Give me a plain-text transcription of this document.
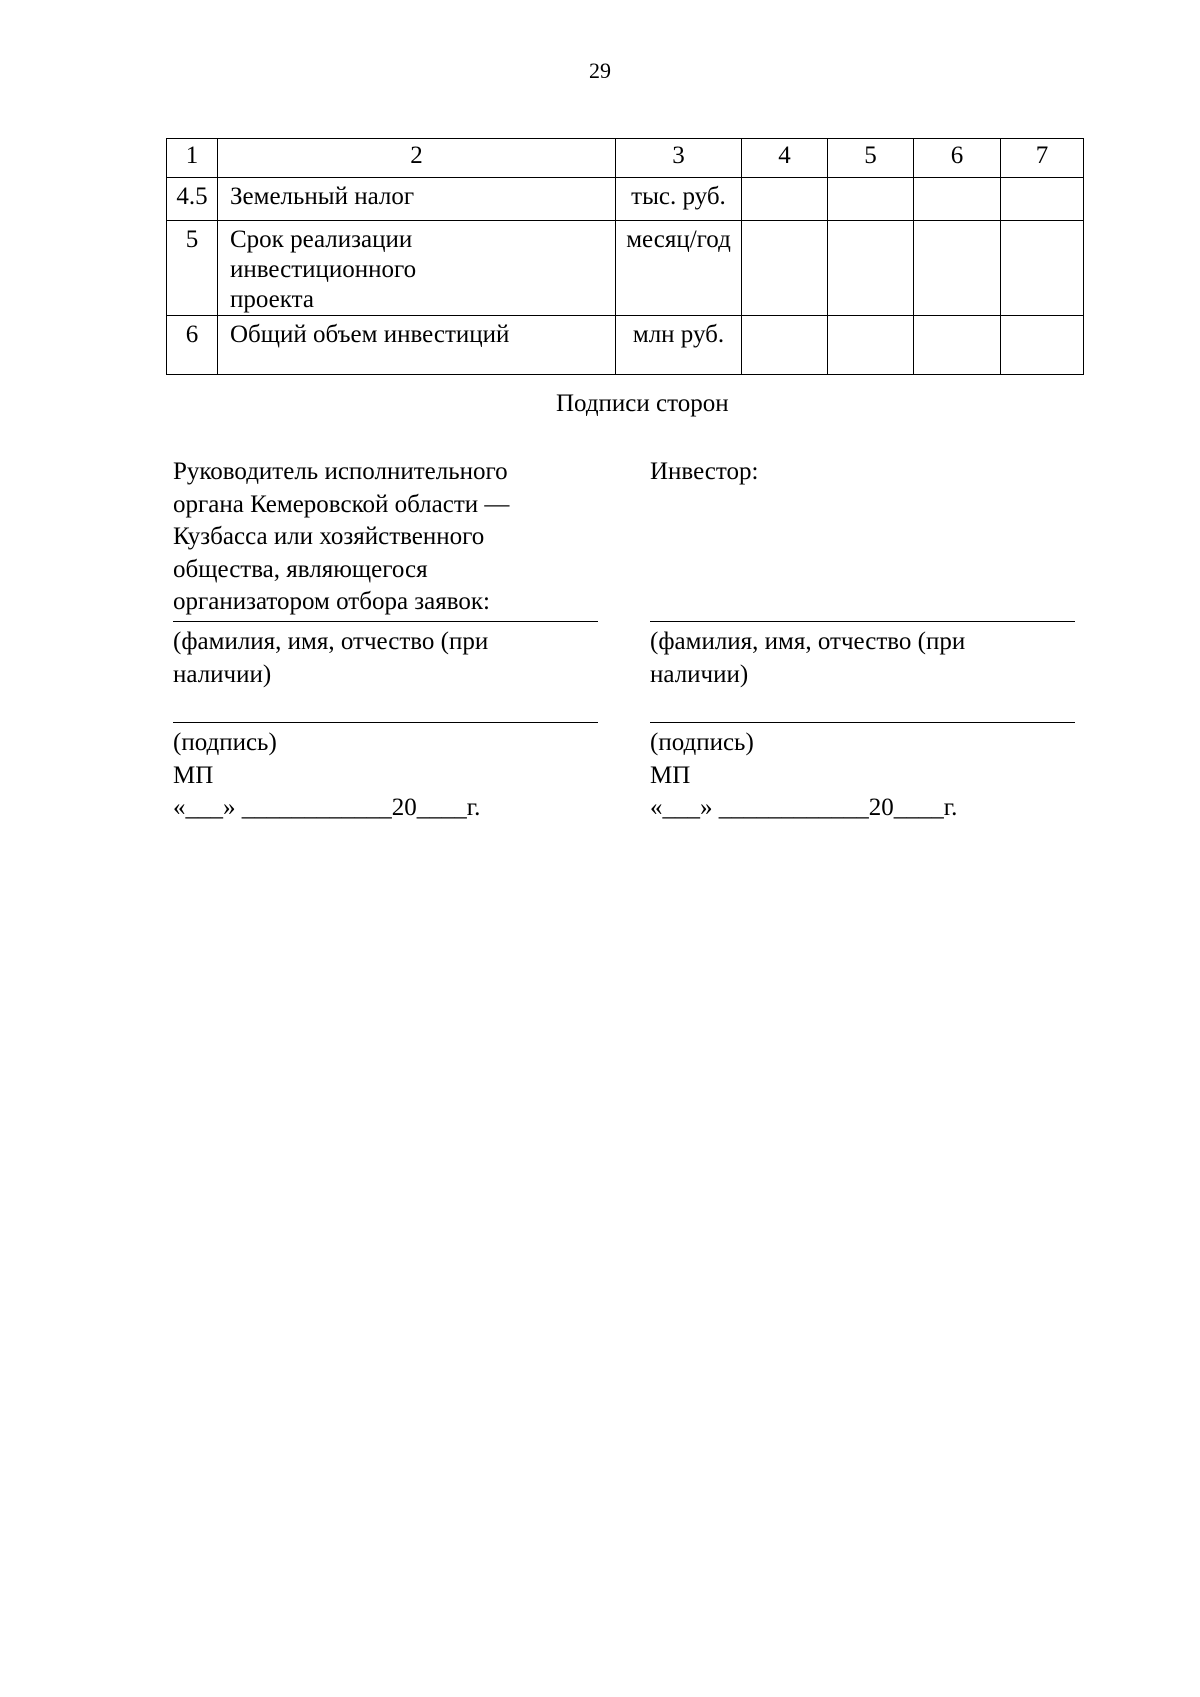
29
1	2	3	4	5	6	7
4.5	Земельный налог	тыс. руб.				
5	Срок реализации инвестиционного проекта	месяц/год				
6	Общий объем инвестиций	млн руб.				
Подписи сторон
Руководитель исполнительного
органа Кемеровской области —
Кузбасса или хозяйственного
общества, являющегося
организатором отбора заявок:
(фамилия, имя, отчество (при наличии)
(подпись)
МП
«___» ____________20____г.
Инвестор:
(фамилия, имя, отчество (при наличии)
(подпись)
МП
«___» ____________20____г.
